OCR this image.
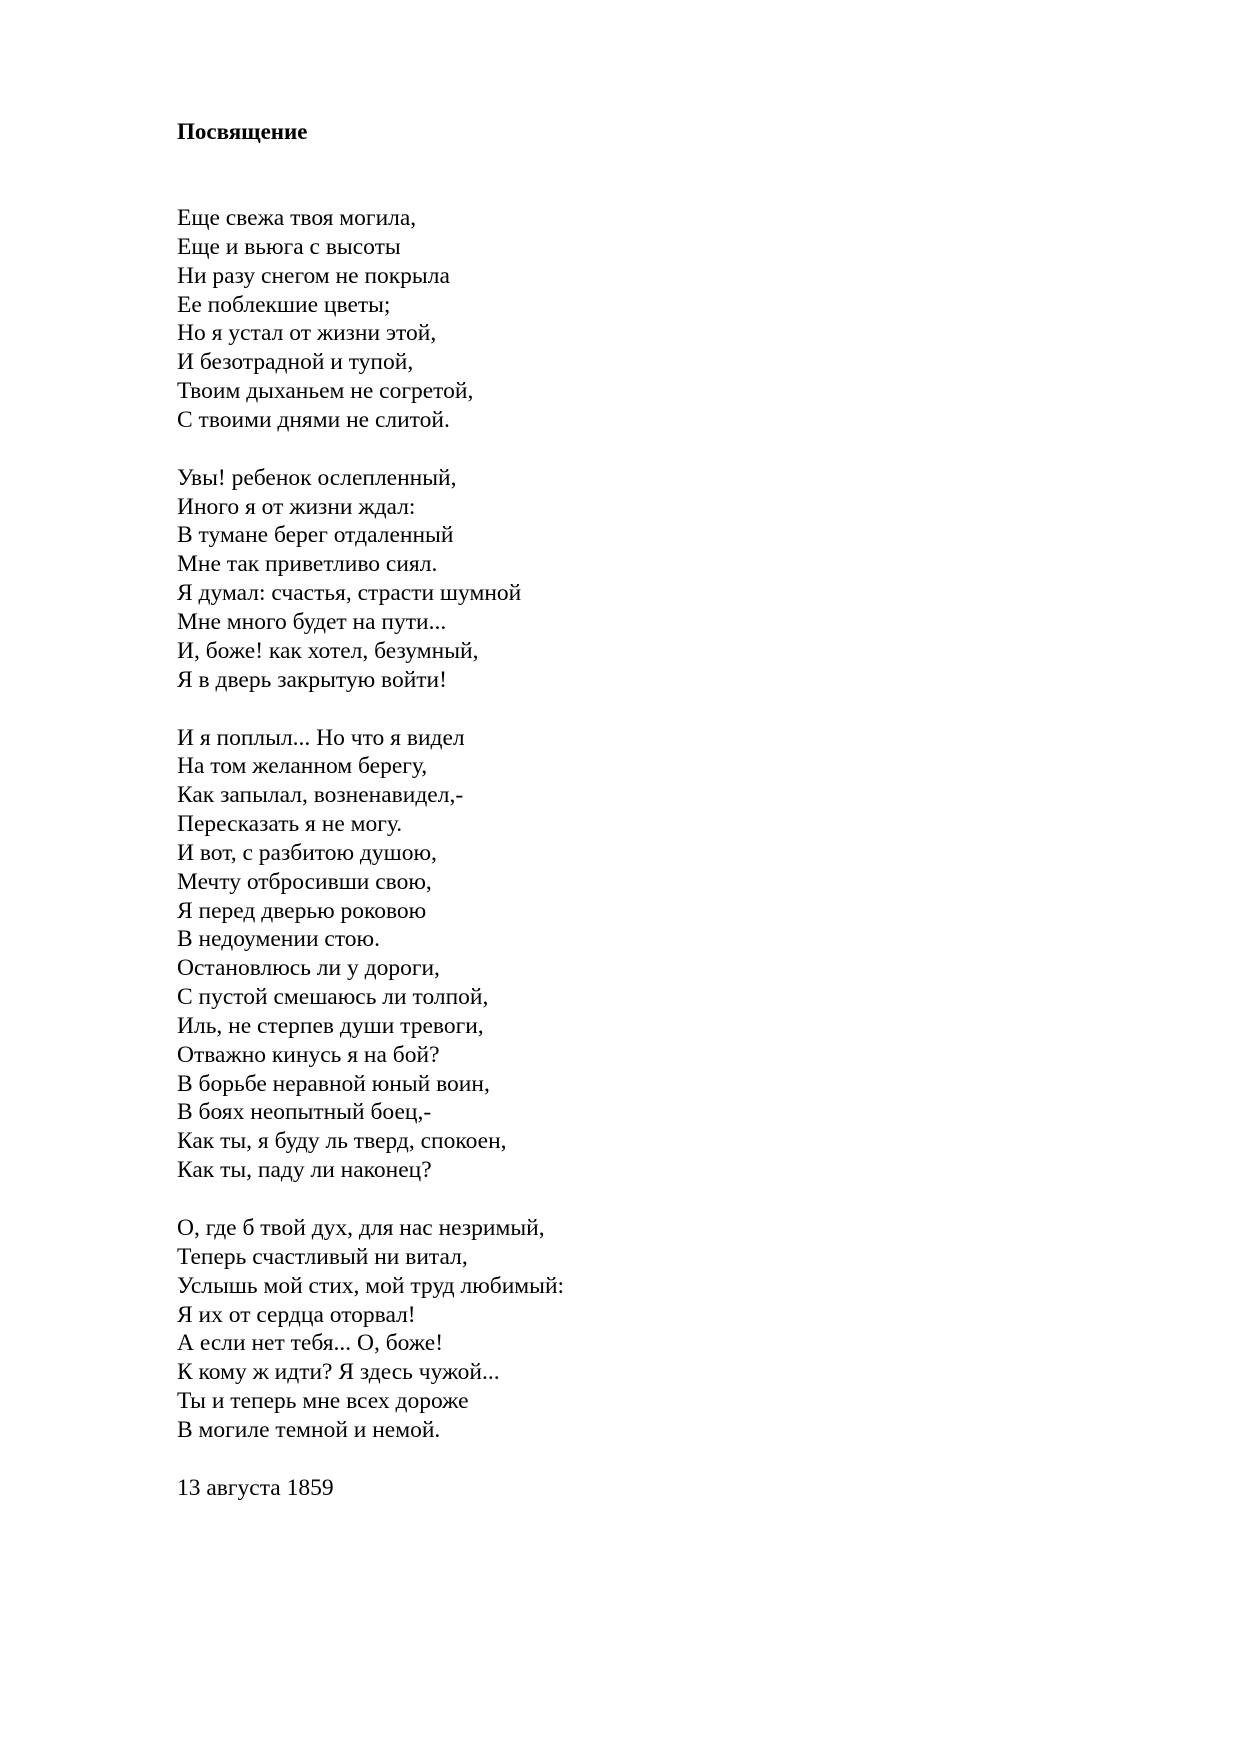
Посвящение
Еще свежа твоя могила,
Еще и вьюга с высоты
Ни разу снегом не покрыла
Ее поблекшие цветы;
Но я устал от жизни этой,
И безотрадной и тупой,
Твоим дыханьем не согретой,
С твоими днями не слитой.
Увы! ребенок ослепленный,
Иного я от жизни ждал:
В тумане берег отдаленный
Мне так приветливо сиял.
Я думал: счастья, страсти шумной
Мне много будет на пути...
И, боже! как хотел, безумный,
Я в дверь закрытую войти!
И я поплыл... Но что я видел
На том желанном берегу,
Как запылал, возненавидел,-
Пересказать я не могу.
И вот, с разбитою душою,
Мечту отбросивши свою,
Я перед дверью роковою
В недоумении стою.
Остановлюсь ли у дороги,
С пустой смешаюсь ли толпой,
Иль, не стерпев души тревоги,
Отважно кинусь я на бой?
В борьбе неравной юный воин,
В боях неопытный боец,-
Как ты, я буду ль тверд, спокоен,
Как ты, паду ли наконец?
О, где б твой дух, для нас незримый,
Теперь счастливый ни витал,
Услышь мой стих, мой труд любимый:
Я их от сердца оторвал!
А если нет тебя... О, боже!
К кому ж идти? Я здесь чужой...
Ты и теперь мне всех дороже
В могиле темной и немой.

13 августа 1859
